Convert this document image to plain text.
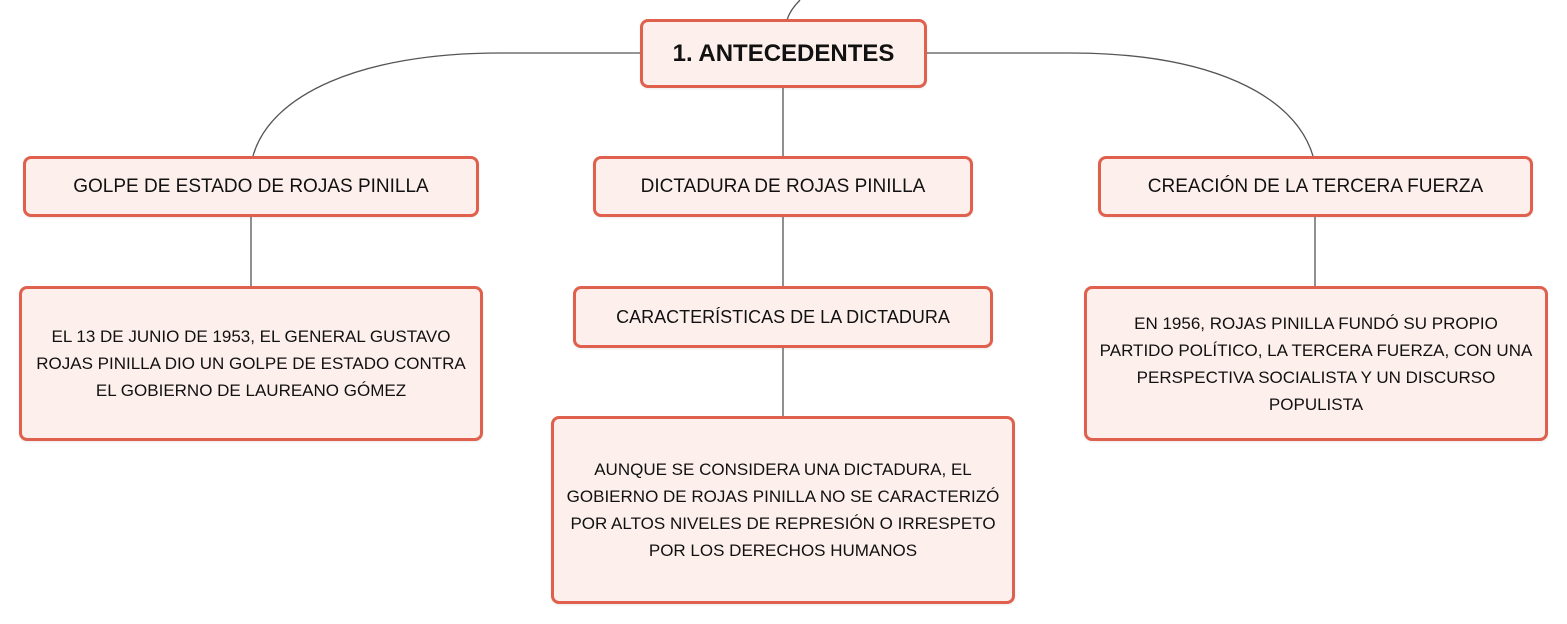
1. ANTECEDENTES
GOLPE DE ESTADO DE ROJAS PINILLA	DICTADURA DE ROJAS PINILLA	CREACIÓN DE LA TERCERA FUERZA
CARACTERÍSTICAS DE LA DICTADURA
EL 13 DE JUNIO DE 1953, EL GENERAL GUSTAVO ROJAS PINILLA DIO UN GOLPE DE ESTADO CONTRA EL GOBIERNO DE LAUREANO GÓMEZ
AUNQUE SE CONSIDERA UNA DICTADURA, EL GOBIERNO DE ROJAS PINILLA NO SE CARACTERIZÓ POR ALTOS NIVELES DE REPRESIÓN O IRRESPETO POR LOS DERECHOS HUMANOS
EN 1956, ROJAS PINILLA FUNDÓ SU PROPIO PARTIDO POLÍTICO, LA TERCERA FUERZA, CON UNA PERSPECTIVA SOCIALISTA Y UN DISCURSO POPULISTA
